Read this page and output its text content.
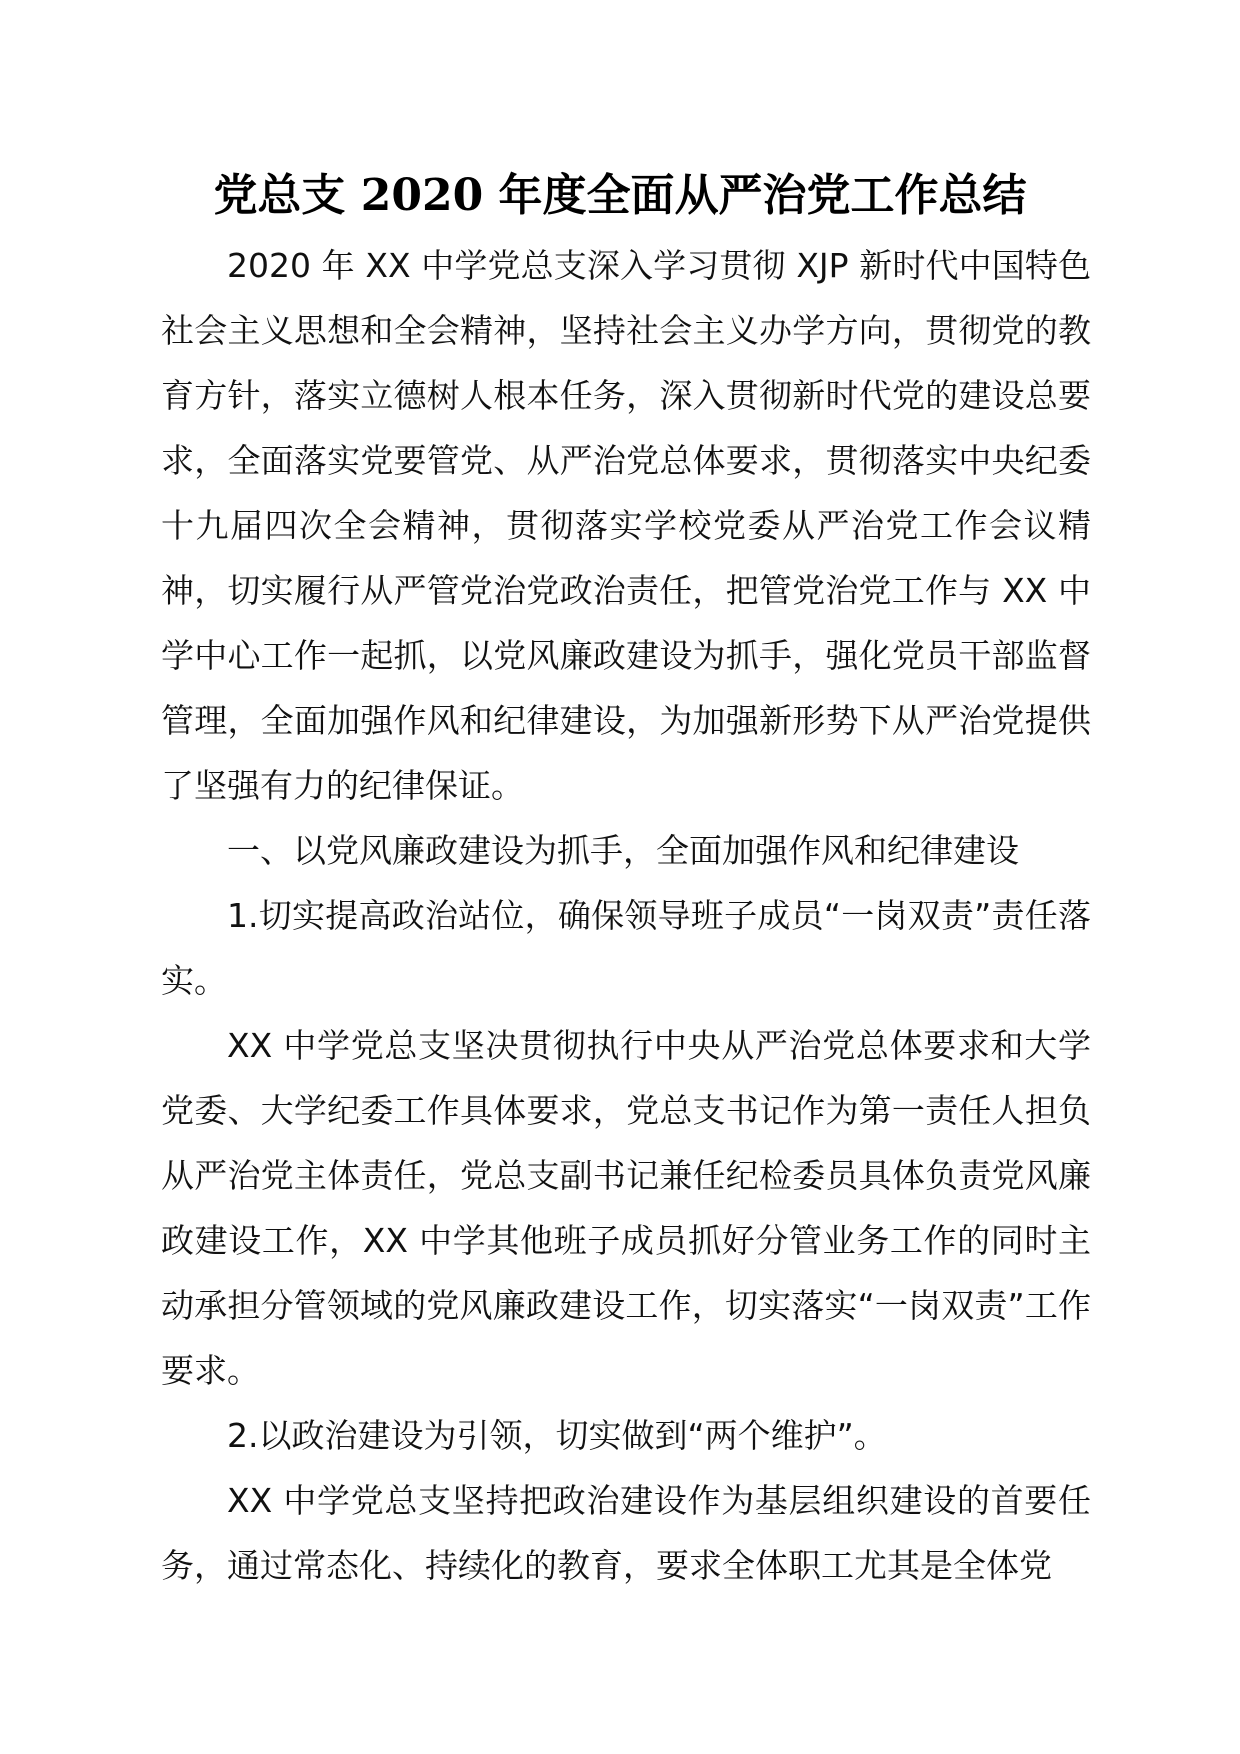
党总支 2020 年度全面从严治党工作总结

2020 年 XX 中学党总支深入学习贯彻 XJP 新时代中国特色社会主义思想和全会精神，坚持社会主义办学方向，贯彻党的教育方针，落实立德树人根本任务，深入贯彻新时代党的建设总要求，全面落实党要管党、从严治党总体要求，贯彻落实中央纪委十九届四次全会精神，贯彻落实学校党委从严治党工作会议精神，切实履行从严管党治党政治责任，把管党治党工作与 XX 中学中心工作一起抓，以党风廉政建设为抓手，强化党员干部监督管理，全面加强作风和纪律建设，为加强新形势下从严治党提供了坚强有力的纪律保证。

一、以党风廉政建设为抓手，全面加强作风和纪律建设

1.切实提高政治站位，确保领导班子成员“一岗双责”责任落实。

XX 中学党总支坚决贯彻执行中央从严治党总体要求和大学党委、大学纪委工作具体要求，党总支书记作为第一责任人担负从严治党主体责任，党总支副书记兼任纪检委员具体负责党风廉政建设工作，XX 中学其他班子成员抓好分管业务工作的同时主动承担分管领域的党风廉政建设工作，切实落实“一岗双责”工作要求。

2.以政治建设为引领，切实做到“两个维护”。

XX 中学党总支坚持把政治建设作为基层组织建设的首要任务，通过常态化、持续化的教育，要求全体职工尤其是全体党
